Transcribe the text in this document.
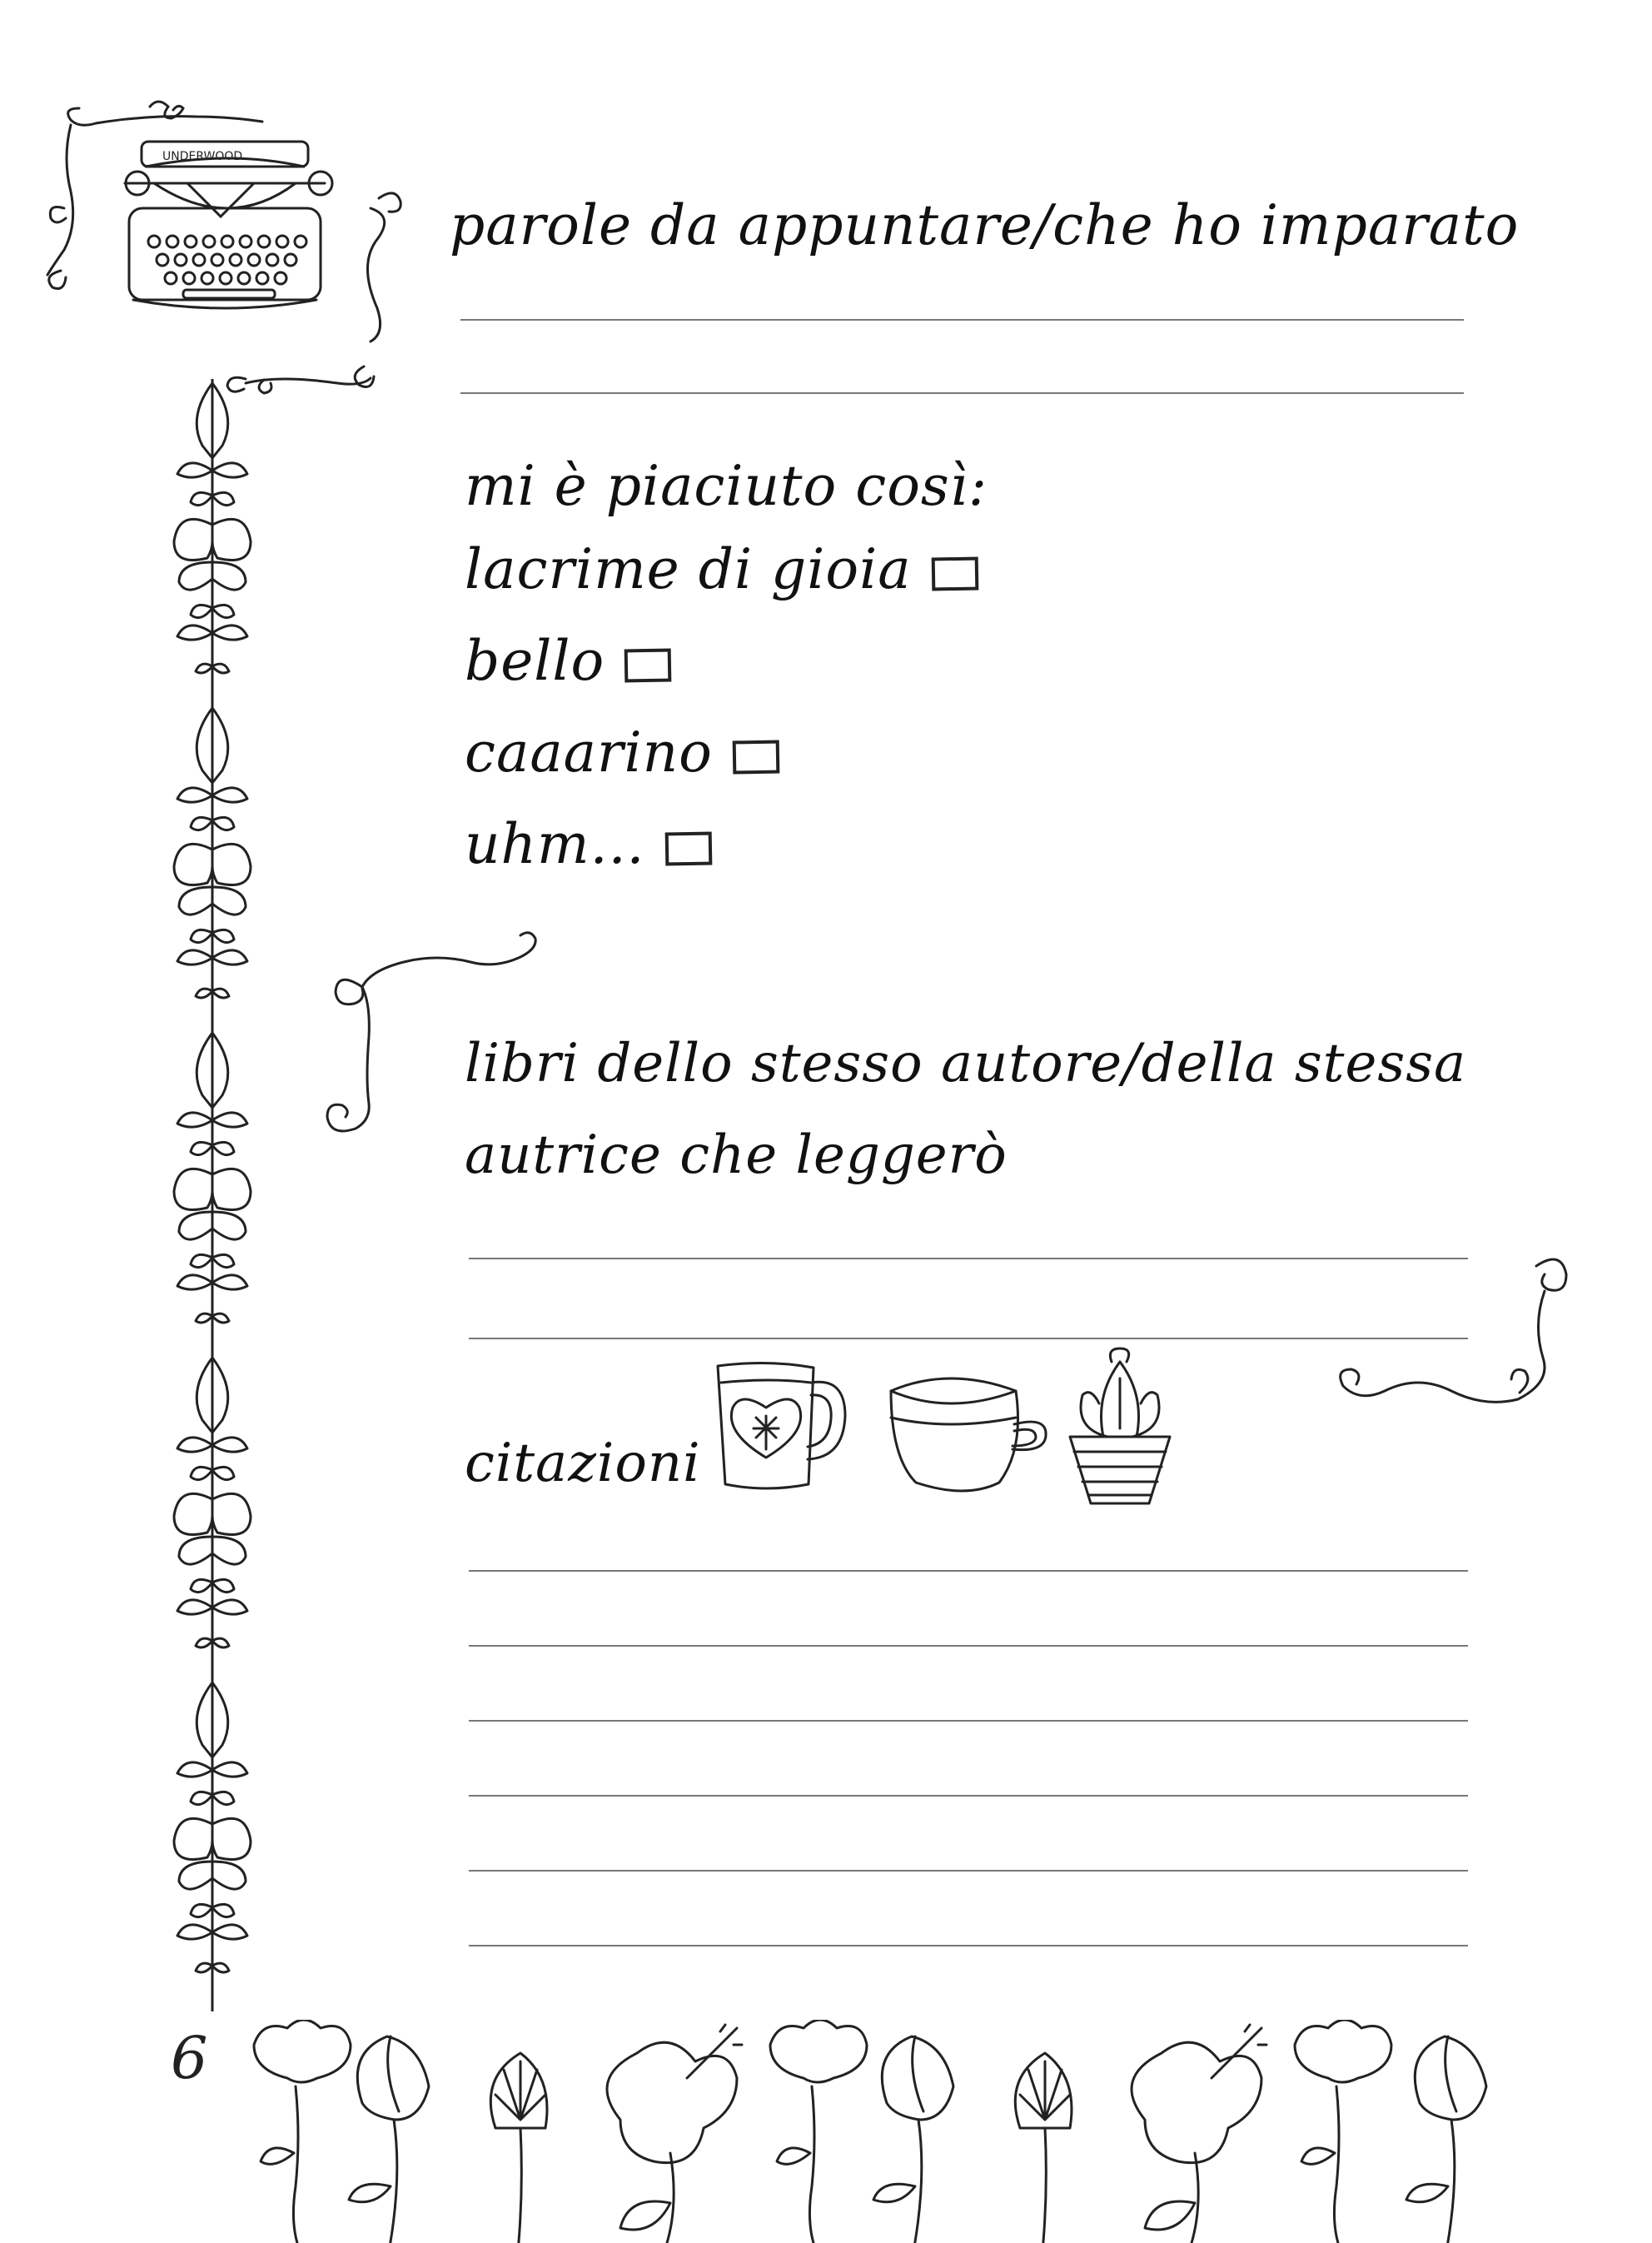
UNDERWOOD
parole da appuntare/che ho imparato
mi è piaciuto così:
lacrime di gioia
bello
caaarino
uhm...
libri dello stesso autore/della stessa
autrice che leggerò
citazioni
6
